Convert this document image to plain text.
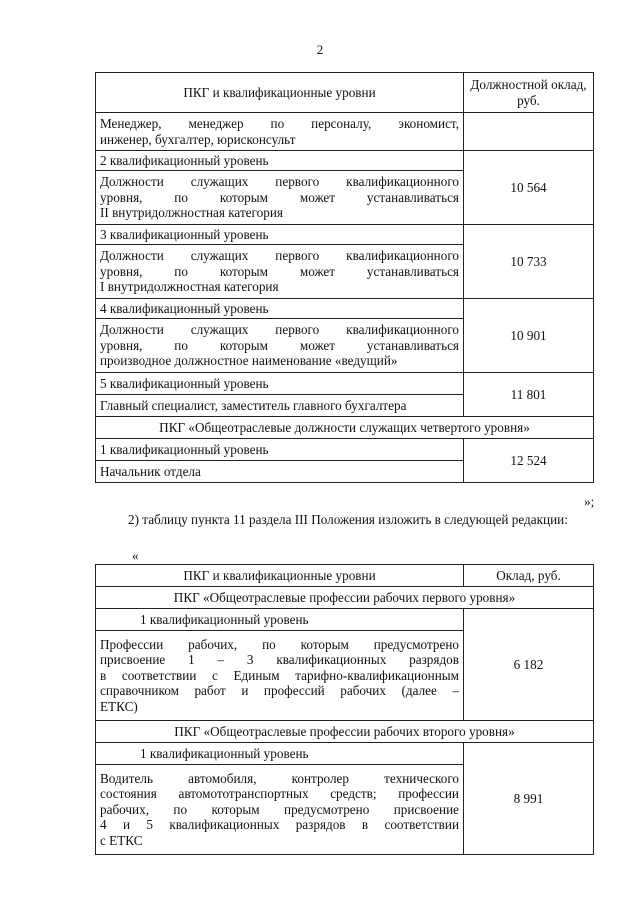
2
ПКГ и квалификационные уровни	Должностной оклад, руб.

Менеджер, менеджер по персоналу, экономист,
инженер, бухгалтер, юрисконсульт	

2 квалификационный уровень	10 564

Должности служащих первого квалификационного
уровня, по которым может устанавливаться
II внутридолжностная категория	

3 квалификационный уровень	10 733

Должности служащих первого квалификационного
уровня, по которым может устанавливаться
I внутридолжностная категория	

4 квалификационный уровень	10 901

Должности служащих первого квалификационного
уровня, по которым может устанавливаться
производное должностное наименование «ведущий»	

5 квалификационный уровень	11 801
Главный специалист, заместитель главного бухгалтера	
ПКГ «Общеотраслевые должности служащих четвертого уровня»	
1 квалификационный уровень	12 524
Начальник отдела	
»;
2) таблицу пункта 11 раздела III Положения изложить в следующей редакции:
«
ПКГ и квалификационные уровни	Оклад, руб.
ПКГ «Общеотраслевые профессии рабочих первого уровня»	
1 квалификационный уровень	6 182

Профессии рабочих, по которым предусмотрено
присвоение 1 – 3 квалификационных разрядов
в соответствии с Единым тарифно-квалификационным
справочником работ и профессий рабочих (далее –
ЕТКС)	

ПКГ «Общеотраслевые профессии рабочих второго уровня»	
1 квалификационный уровень	8 991

Водитель автомобиля, контролер технического
состояния автомототранспортных средств; профессии
рабочих, по которым предусмотрено присвоение
4 и 5 квалификационных разрядов в соответствии
с ЕТКС	
